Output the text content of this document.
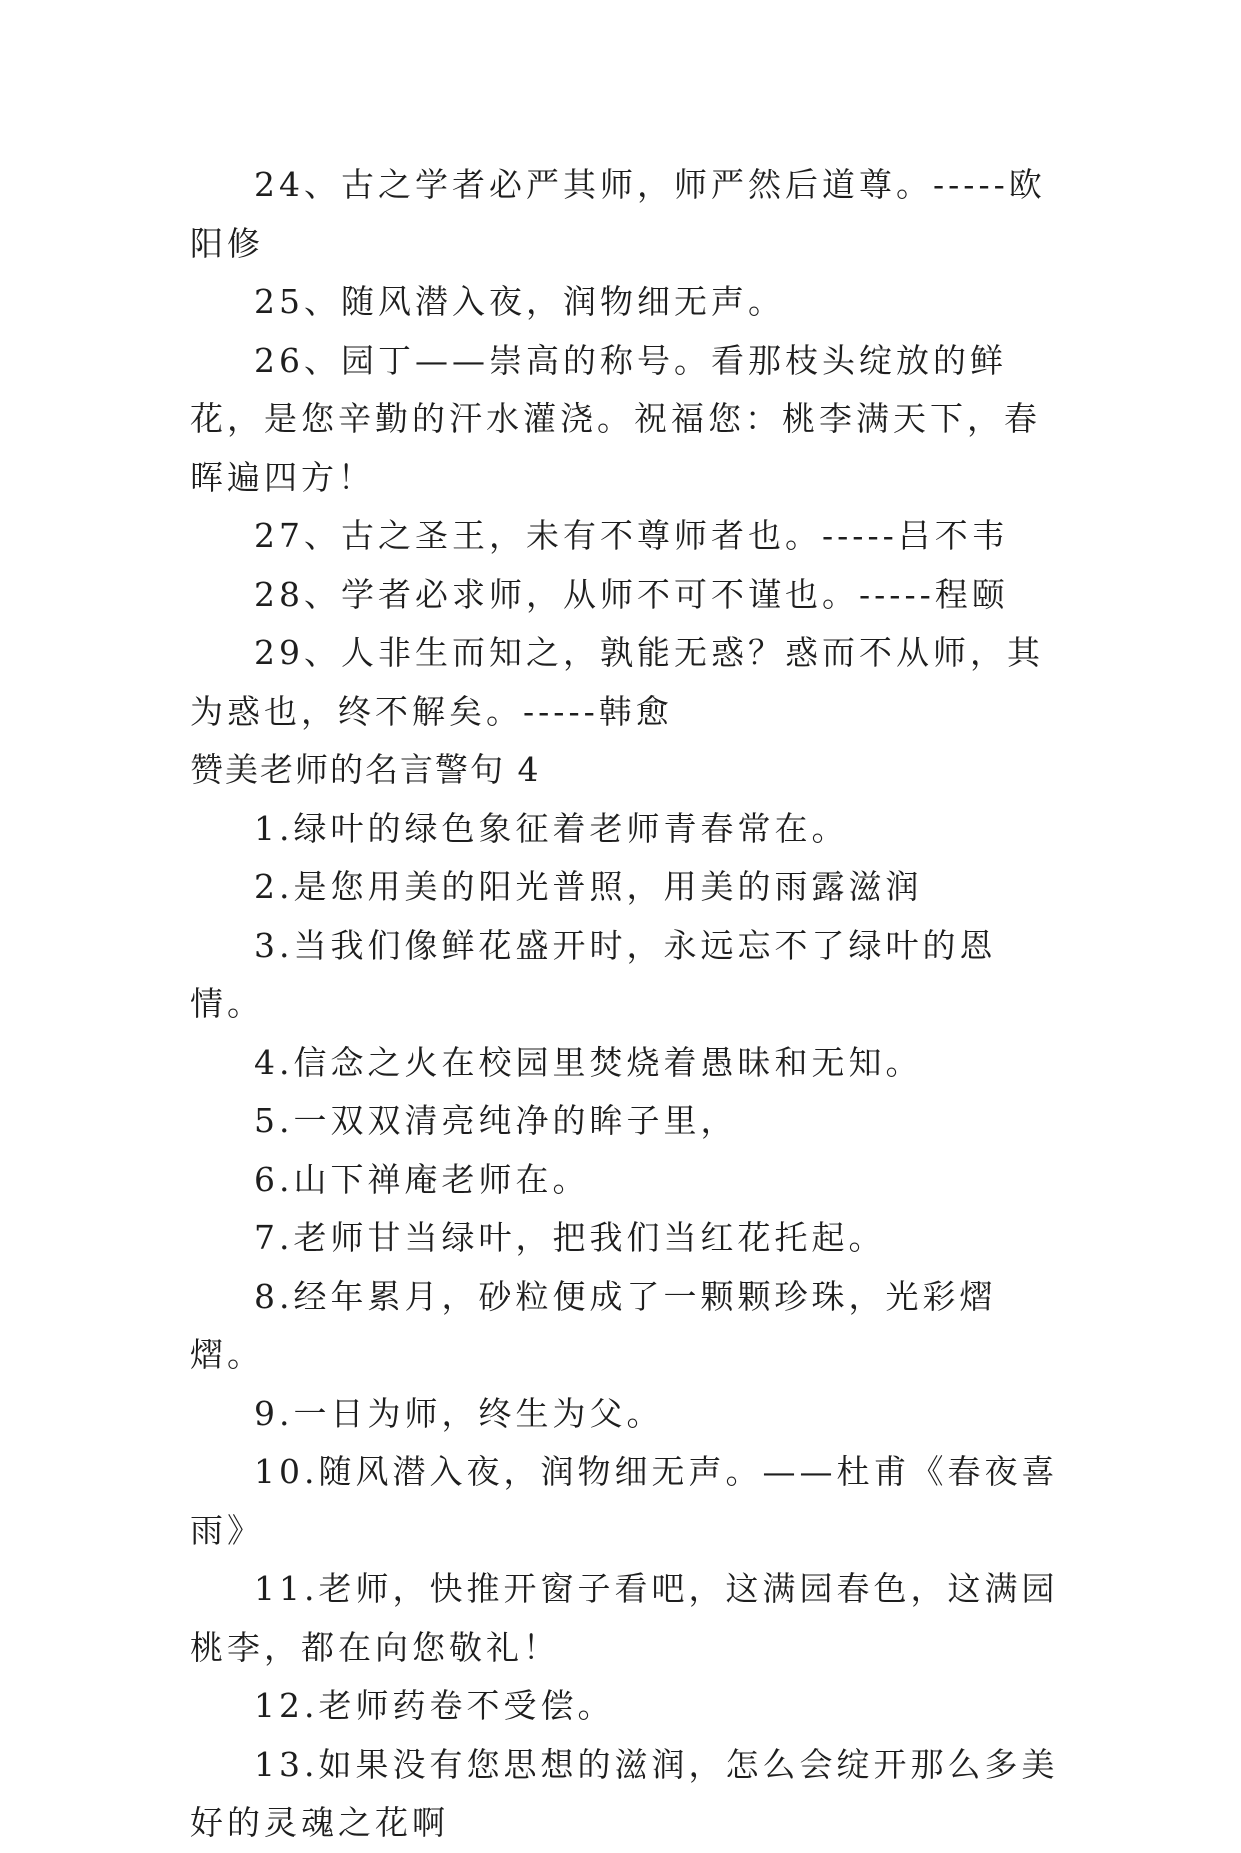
24、古之学者必严其师，师严然后道尊。-----欧阳修

25、随风潜入夜，润物细无声。

26、园丁——崇高的称号。看那枝头绽放的鲜花，是您辛勤的汗水灌浇。祝福您：桃李满天下，春晖遍四方！

27、古之圣王，未有不尊师者也。-----吕不韦

28、学者必求师，从师不可不谨也。-----程颐

29、人非生而知之，孰能无惑？惑而不从师，其为惑也，终不解矣。-----韩愈

赞美老师的名言警句 4

1.绿叶的绿色象征着老师青春常在。

2.是您用美的阳光普照，用美的雨露滋润

3.当我们像鲜花盛开时，永远忘不了绿叶的恩情。

4.信念之火在校园里焚烧着愚昧和无知。

5.一双双清亮纯净的眸子里，

6.山下禅庵老师在。

7.老师甘当绿叶，把我们当红花托起。

8.经年累月，砂粒便成了一颗颗珍珠，光彩熠熠。

9.一日为师，终生为父。

10.随风潜入夜，润物细无声。——杜甫《春夜喜雨》

11.老师，快推开窗子看吧，这满园春色，这满园桃李，都在向您敬礼！

12.老师药卷不受偿。

13.如果没有您思想的滋润，怎么会绽开那么多美好的灵魂之花啊
